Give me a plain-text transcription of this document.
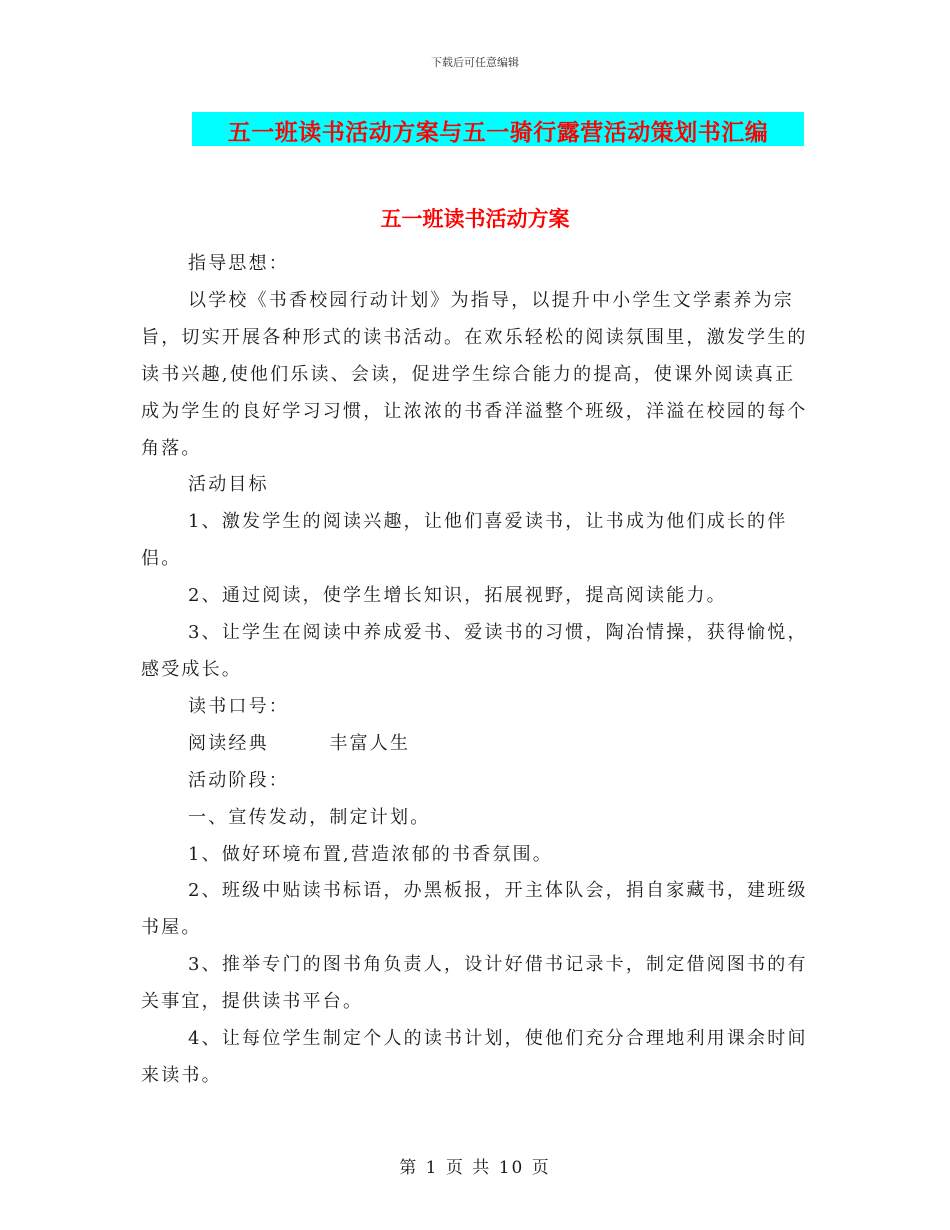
下载后可任意编辑
五一班读书活动方案与五一骑行露营活动策划书汇编
五一班读书活动方案

指导思想：

以学校《书香校园行动计划》为指导，以提升中小学生文学素养为宗旨，切实开展各种形式的读书活动。在欢乐轻松的阅读氛围里，激发学生的读书兴趣,使他们乐读、会读，促进学生综合能力的提高，使课外阅读真正成为学生的良好学习习惯，让浓浓的书香洋溢整个班级，洋溢在校园的每个角落。

活动目标

1、激发学生的阅读兴趣，让他们喜爱读书，让书成为他们成长的伴侣。

2、通过阅读，使学生增长知识，拓展视野，提高阅读能力。

3、让学生在阅读中养成爱书、爱读书的习惯，陶冶情操，获得愉悦，感受成长。

读书口号：

阅读经典　　　丰富人生

活动阶段：

一、宣传发动，制定计划。

1、做好环境布置,营造浓郁的书香氛围。

2、班级中贴读书标语，办黑板报，开主体队会，捐自家藏书，建班级书屋。

3、推举专门的图书角负责人，设计好借书记录卡，制定借阅图书的有关事宜，提供读书平台。

4、让每位学生制定个人的读书计划，使他们充分合理地利用课余时间来读书。

第 1 页 共 10 页
